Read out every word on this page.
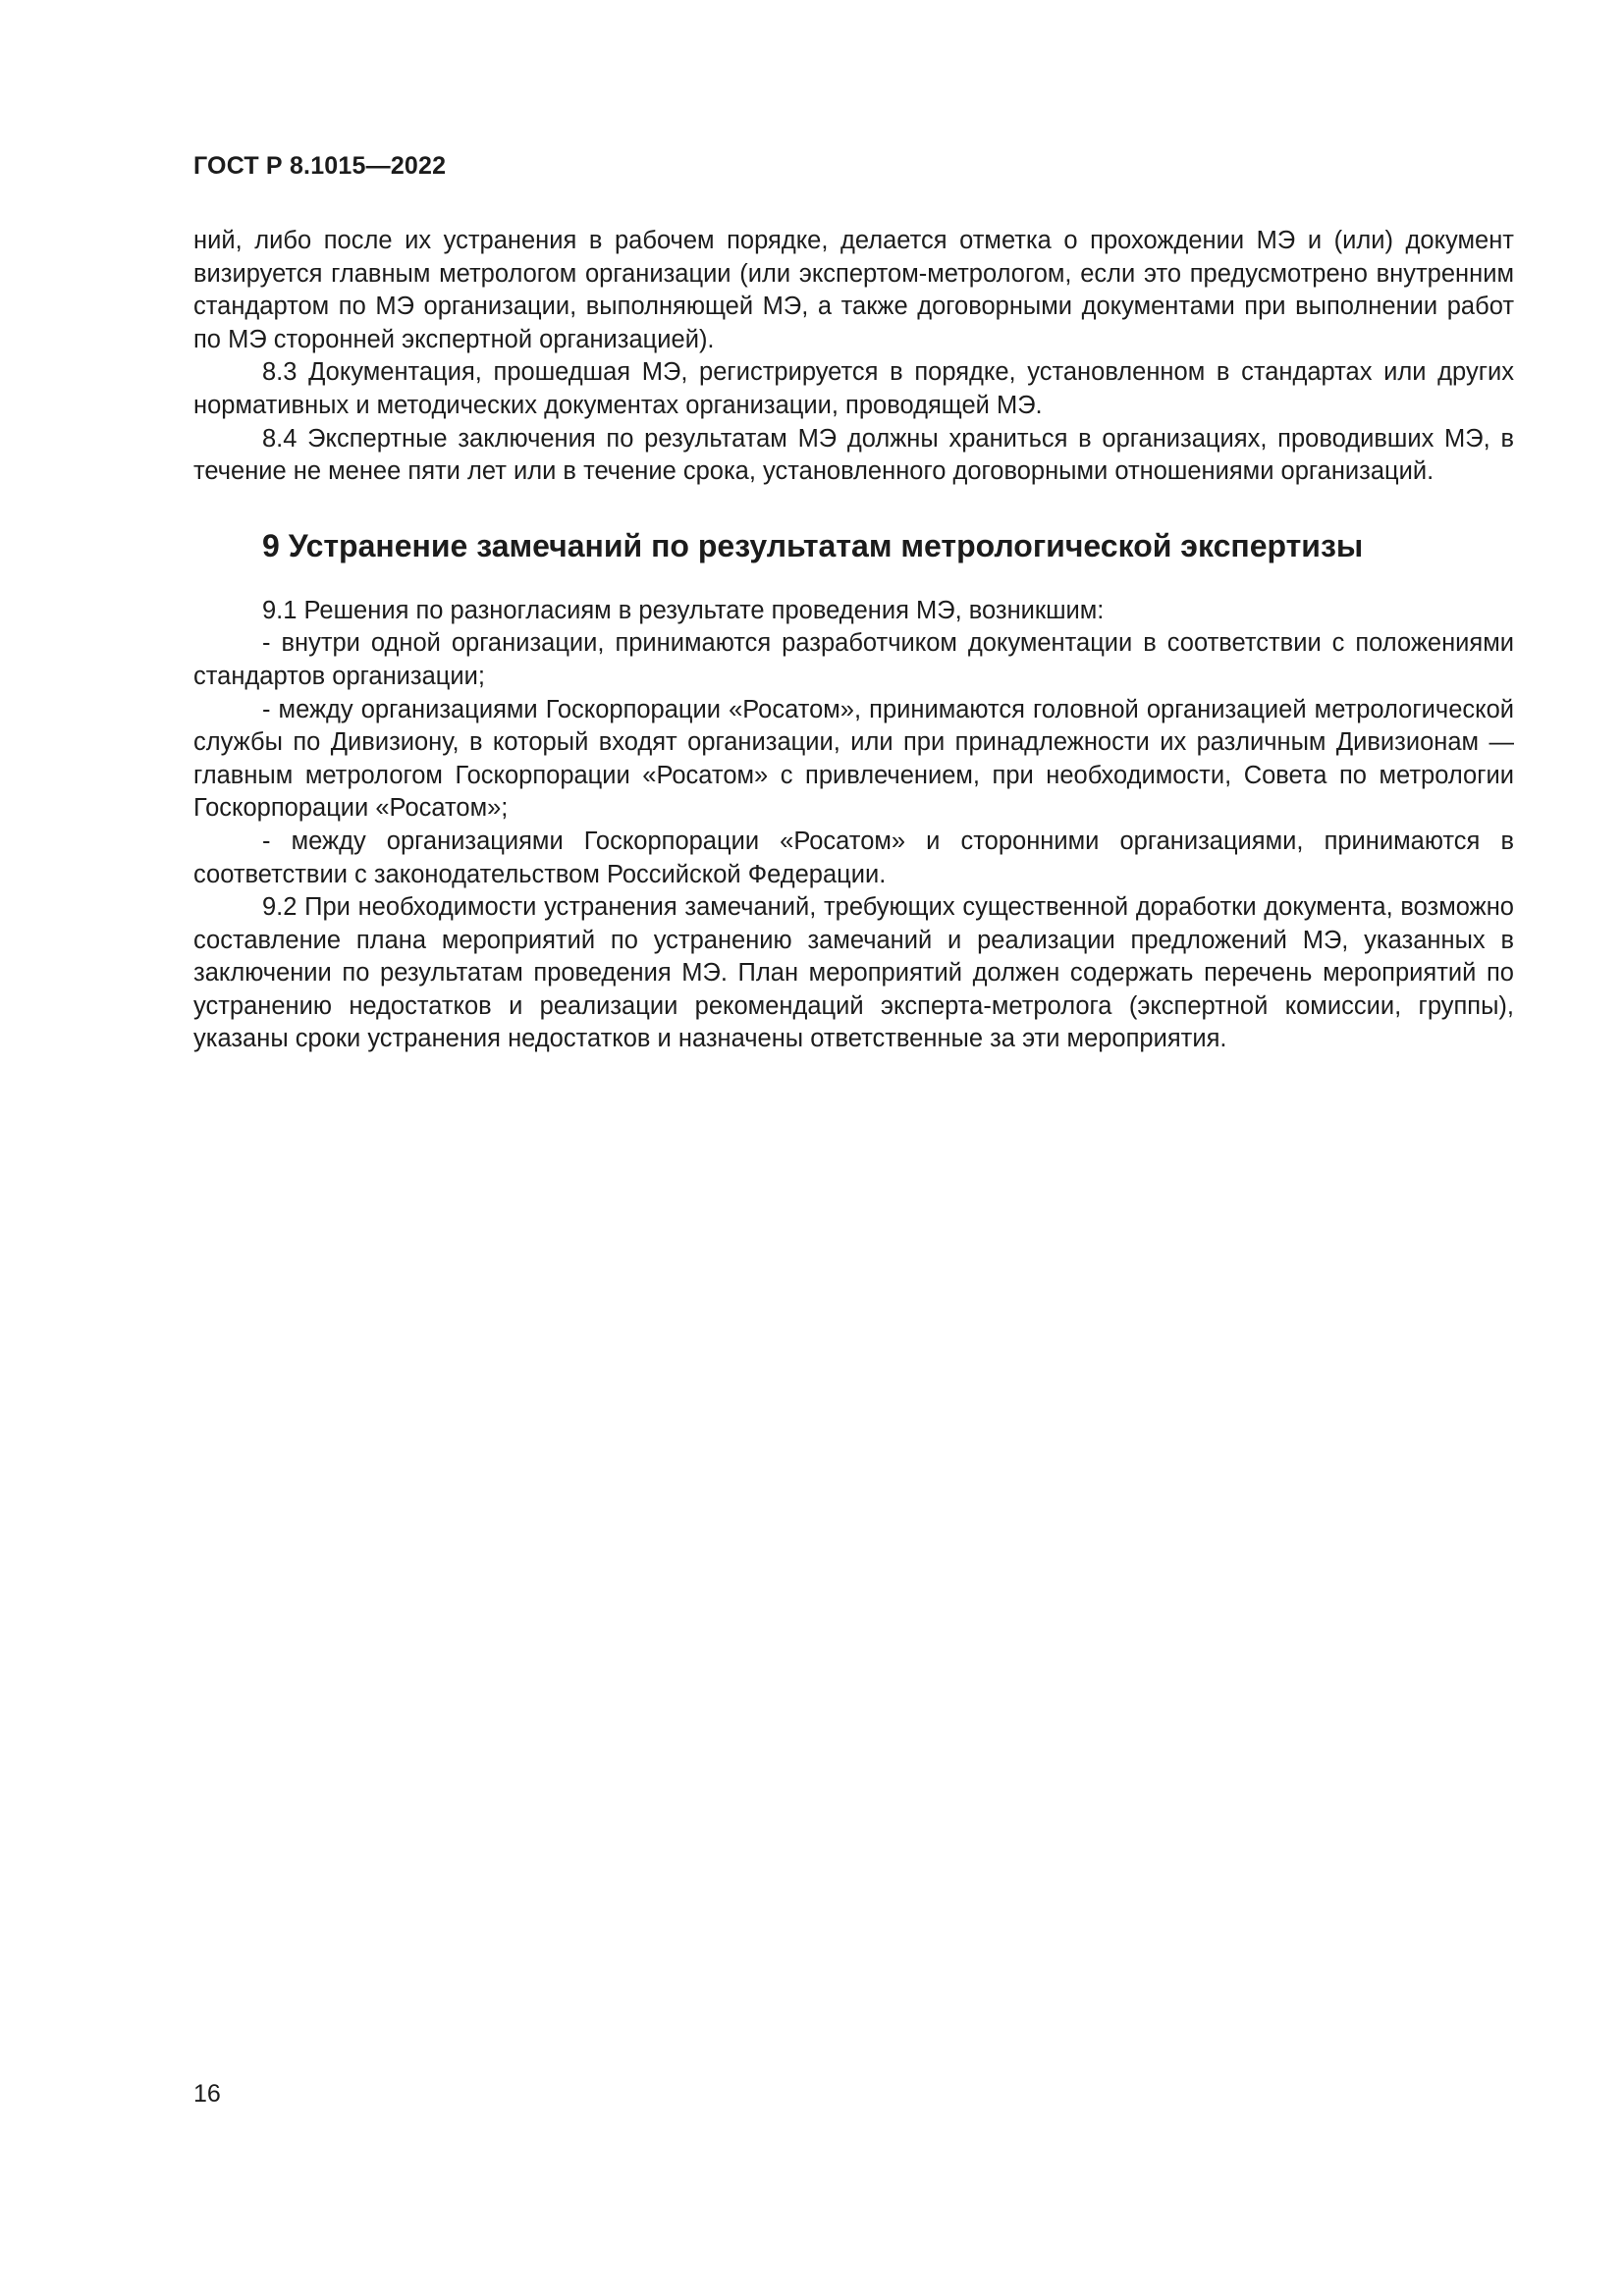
ГОСТ Р 8.1015—2022

ний, либо после их устранения в рабочем порядке, делается отметка о прохождении МЭ и (или) документ визируется главным метрологом организации (или экспертом-метрологом, если это предусмотрено внутренним стандартом по МЭ организации, выполняющей МЭ, а также договорными документами при выполнении работ по МЭ сторонней экспертной организацией).

8.3 Документация, прошедшая МЭ, регистрируется в порядке, установленном в стандартах или других нормативных и методических документах организации, проводящей МЭ.

8.4 Экспертные заключения по результатам МЭ должны храниться в организациях, проводивших МЭ, в течение не менее пяти лет или в течение срока, установленного договорными отношениями организаций.

9 Устранение замечаний по результатам метрологической экспертизы

9.1 Решения по разногласиям в результате проведения МЭ, возникшим:

- внутри одной организации, принимаются разработчиком документации в соответствии с положениями стандартов организации;

- между организациями Госкорпорации «Росатом», принимаются головной организацией метрологической службы по Дивизиону, в который входят организации, или при принадлежности их различным Дивизионам — главным метрологом Госкорпорации «Росатом» с привлечением, при необходимости, Совета по метрологии Госкорпорации «Росатом»;

- между организациями Госкорпорации «Росатом» и сторонними организациями, принимаются в соответствии с законодательством Российской Федерации.

9.2 При необходимости устранения замечаний, требующих существенной доработки документа, возможно составление плана мероприятий по устранению замечаний и реализации предложений МЭ, указанных в заключении по результатам проведения МЭ. План мероприятий должен содержать перечень мероприятий по устранению недостатков и реализации рекомендаций эксперта-метролога (экспертной комиссии, группы), указаны сроки устранения недостатков и назначены ответственные за эти мероприятия.

16
